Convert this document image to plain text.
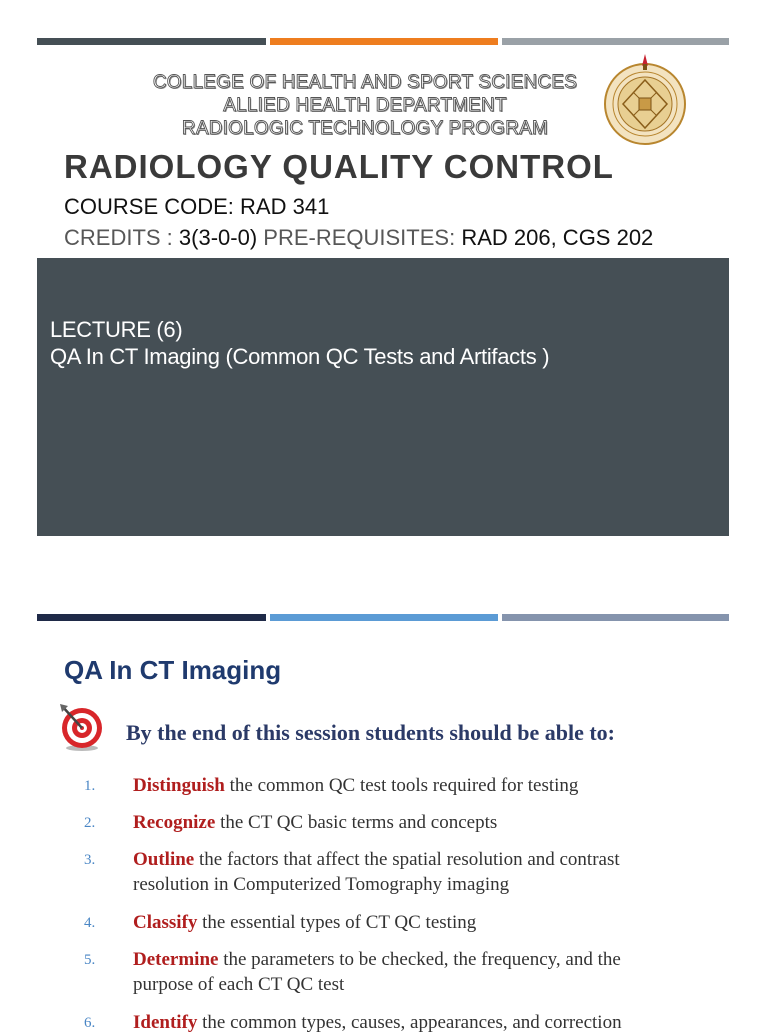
COLLEGE OF HEALTH AND SPORT SCIENCES
ALLIED HEALTH DEPARTMENT
RADIOLOGIC TECHNOLOGY PROGRAM
RADIOLOGY QUALITY CONTROL
COURSE CODE: RAD 341
CREDITS : 3(3-0-0) PRE-REQUISITES: RAD 206, CGS 202
LECTURE (6)
QA In CT Imaging (Common QC Tests and Artifacts )
QA In CT Imaging
By the end of this session students should be able to:
1.	Distinguish the common QC test tools required for testing
2.	Recognize the CT QC basic terms and concepts
3.	Outline the factors that affect the spatial resolution and contrast
resolution in Computerized Tomography imaging
4.	Classify the essential types of CT QC testing
5.	Determine the parameters to be checked, the frequency, and the
purpose of each CT QC test
6.	Identify the common types, causes, appearances, and correction
